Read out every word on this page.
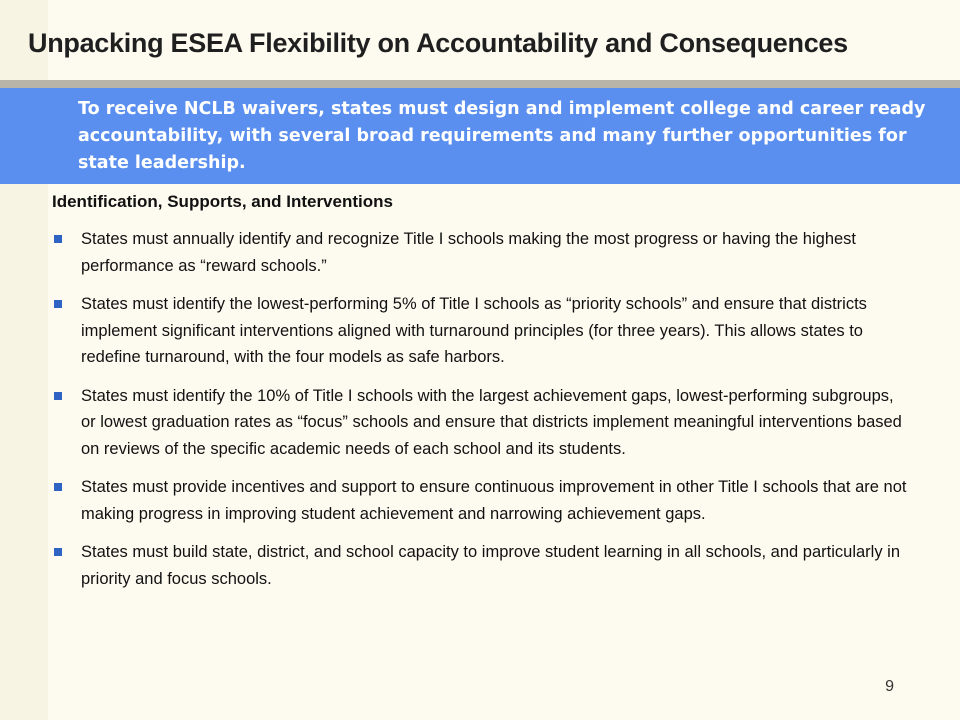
Unpacking ESEA Flexibility on Accountability and Consequences

To receive NCLB waivers, states must design and implement college and career ready accountability, with several broad requirements and many further opportunities for state leadership.

Identification, Supports, and Interventions
States must annually identify and recognize Title I schools making the most progress or having the highest performance as “reward schools.”
States must identify the lowest-performing 5% of Title I schools as “priority schools” and ensure that districts implement significant interventions aligned with turnaround principles (for three years). This allows states to redefine turnaround, with the four models as safe harbors.
States must identify the 10% of Title I schools with the largest achievement gaps, lowest-performing subgroups, or lowest graduation rates as “focus” schools and ensure that districts implement meaningful interventions based on reviews of the specific academic needs of each school and its students.
States must provide incentives and support to ensure continuous improvement in other Title I schools that are not making progress in improving student achievement and narrowing achievement gaps.
States must build state, district, and school capacity to improve student learning in all schools, and particularly in priority and focus schools.
9
